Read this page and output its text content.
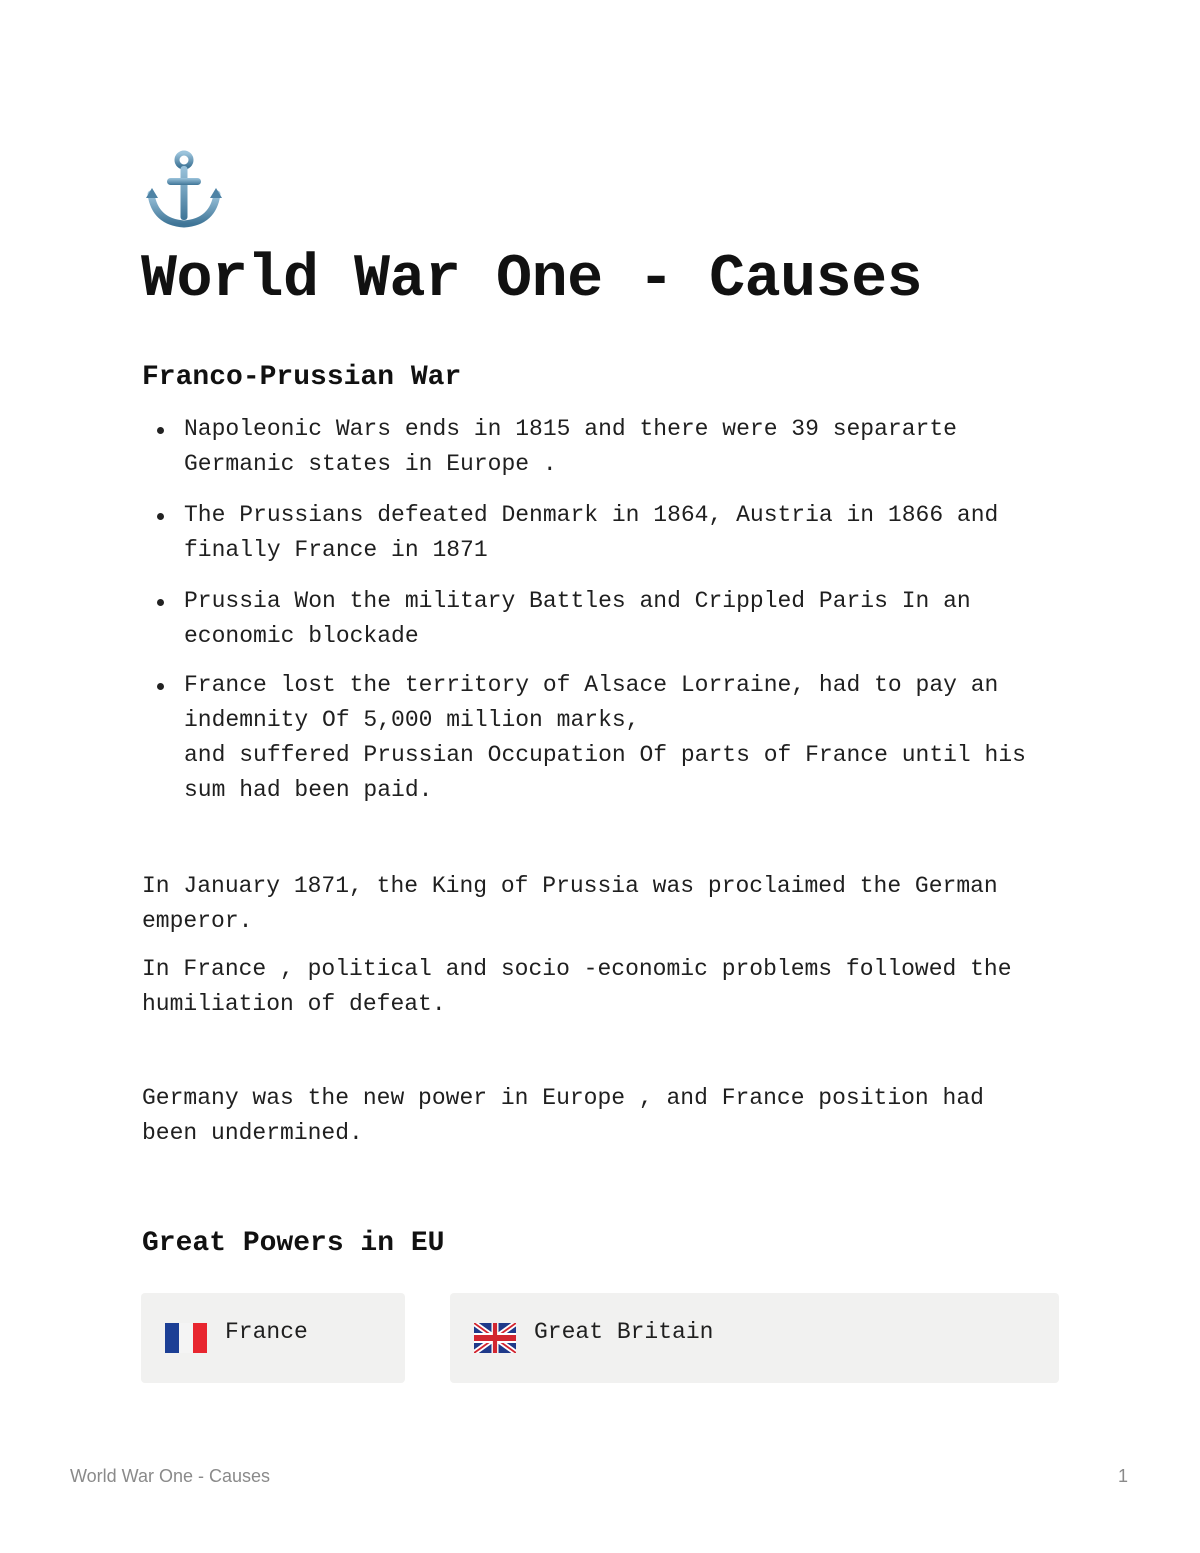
World War One - Causes
Franco-Prussian War
Napoleonic Wars ends in 1815 and there were 39 separarte
Germanic states in Europe .
The Prussians defeated Denmark in 1864, Austria in 1866 and
finally France in 1871
Prussia Won the military Battles and Crippled Paris In an
economic blockade
France lost the territory of Alsace Lorraine, had to pay an
indemnity Of 5,000 million marks,
and suffered Prussian Occupation Of parts of France until his
sum had been paid.

In January 1871, the King of Prussia was proclaimed the German
emperor.

In France , political and socio -economic problems followed the
humiliation of defeat.

Germany was the new power in Europe , and France position had
been undermined.

Great Powers in EU
France	Great Britain
World War One - Causes	1
